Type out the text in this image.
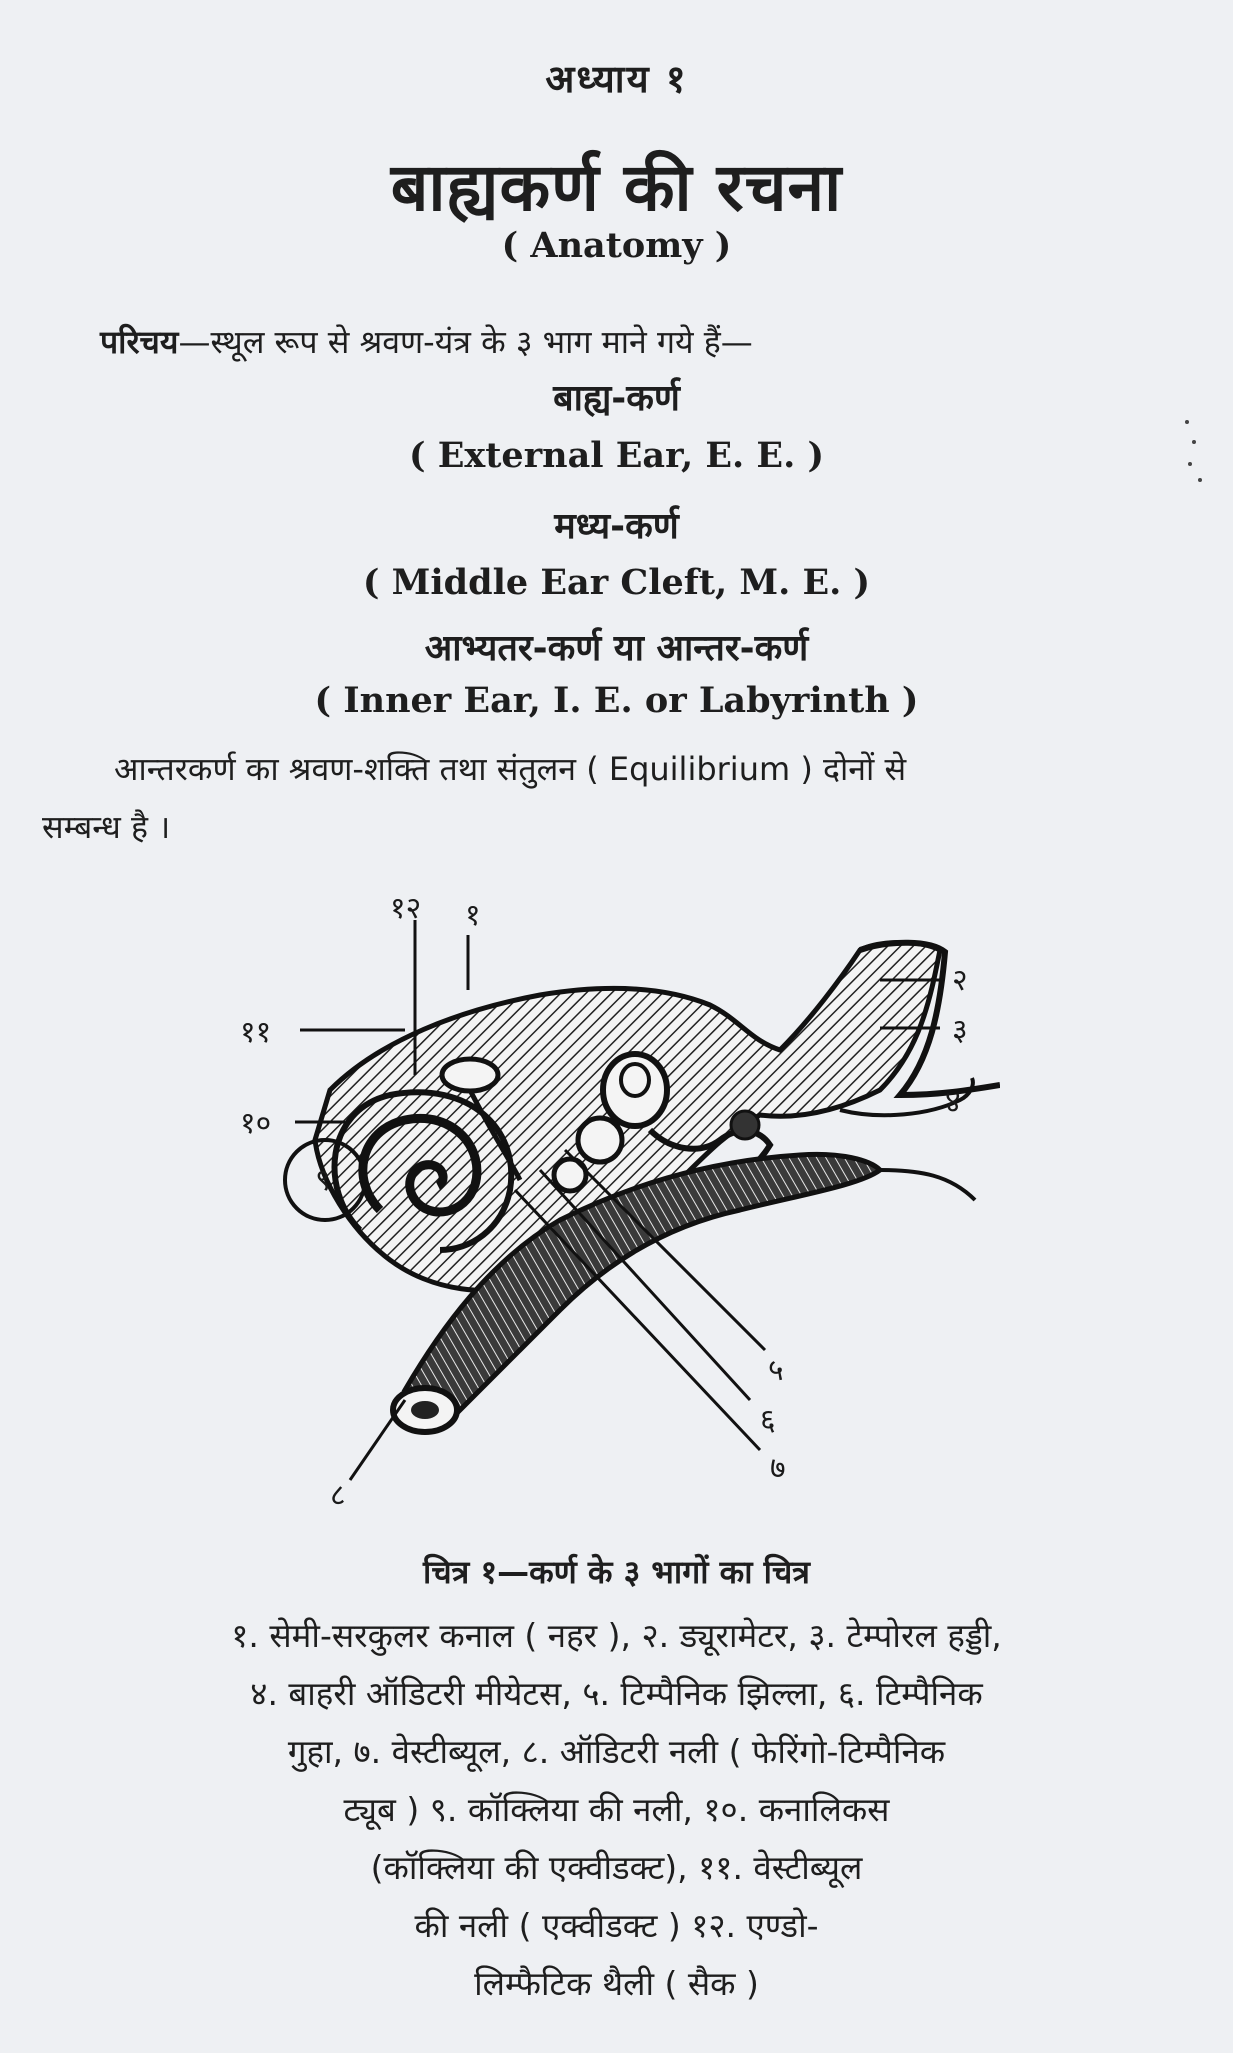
अध्याय १
बाह्यकर्ण की रचना
( Anatomy )
परिचय—स्थूल रूप से श्रवण-यंत्र के ३ भाग माने गये हैं—
बाह्य-कर्ण
( External Ear, E. E. )
मध्य-कर्ण
( Middle Ear Cleft, M. E. )
आभ्यतर-कर्ण या आन्तर-कर्ण
( Inner Ear, I. E. or Labyrinth )
आन्तरकर्ण का श्रवण-शक्ति तथा संतुलन ( Equilibrium ) दोनों से
सम्बन्ध है ।
१२ १
११
१०
९
२
३
४
५
६
७
८
चित्र १—कर्ण के ३ भागों का चित्र
१. सेमी-सरकुलर कनाल ( नहर ), २. ड्यूरामेटर, ३. टेम्पोरल हड्डी,
४. बाहरी ऑडिटरी मीयेटस, ५. टिम्पैनिक झिल्ला, ६. टिम्पैनिक
गुहा, ७. वेस्टीब्यूल, ८. ऑडिटरी नली ( फेरिंगो-टिम्पैनिक
ट्यूब ) ९. कॉक्लिया की नली, १०. कनालिकस
(कॉक्लिया की एक्वीडक्ट), ११. वेस्टीब्यूल
की नली ( एक्वीडक्ट ) १२. एण्डो-
लिम्फैटिक थैली ( सैक )
